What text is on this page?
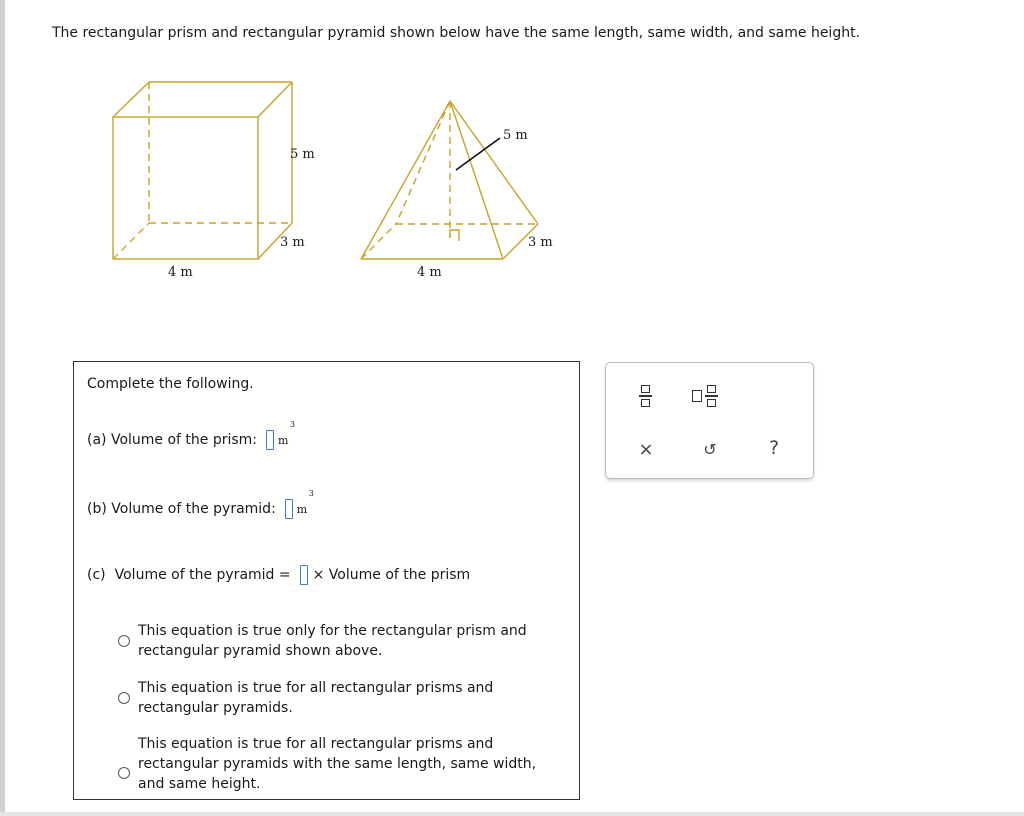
The rectangular prism and rectangular pyramid shown below have the same length, same width, and same height.
5 m
3 m
4 m
5 m
3 m
4 m
Complete the following.
(a) Volume of the prism: m
3
(b) Volume of the pyramid: m
3
(c) Volume of the pyramid = × Volume of the prism
This equation is true only for the rectangular prism and rectangular pyramid shown above.
This equation is true for all rectangular prisms and rectangular pyramids.
This equation is true for all rectangular prisms and rectangular pyramids with the same length, same width, and same height.
×	↺	?
